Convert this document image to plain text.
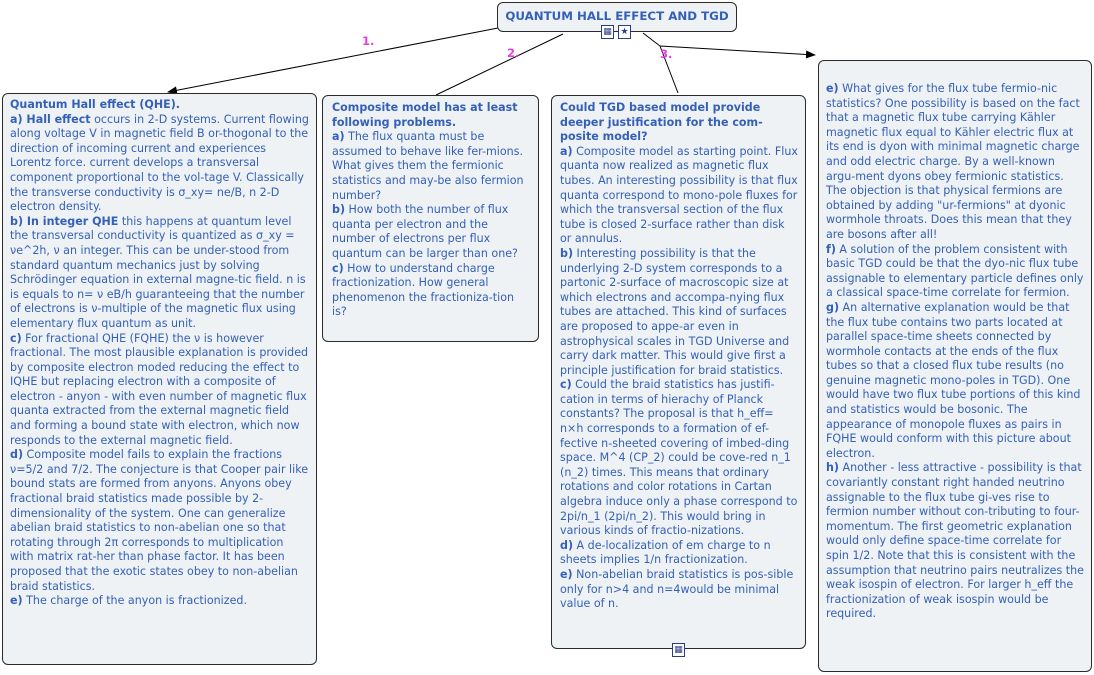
1.
2.	3.
QUANTUM HALL EFFECT AND TGD
▦ ★
Quantum Hall effect (QHE).
a) Hall effect occurs in 2-D systems. Current flowing along voltage V in magnetic field B or-thogonal to the direction of incoming current and experiences Lorentz force. current develops a transversal component proportional to the vol-tage V. Classically the transverse conductivity is σ_xy= ne/B, n 2-D electron density.
b) In integer QHE this happens at quantum level the transversal conductivity is quantized as σ_xy = νe^2h, ν an integer. This can be under-stood from standard quantum mechanics just by solving Schrödinger equation in external magne-tic field. n is is equals to n= ν eB/h guaranteeing that the number of electrons is ν-multiple of the magnetic flux using elementary flux quantum as unit.
c) For fractional QHE (FQHE) the ν is however fractional. The most plausible explanation is provided by composite electron moded reducing the effect to IQHE but replacing electron with a composite of electron - anyon - with even number of magnetic flux quanta extracted from the external magnetic field and forming a bound state with electron, which now responds to the external magnetic field.
d) Composite model fails to explain the fractions ν=5/2 and 7/2. The conjecture is that Cooper pair like bound stats are formed from anyons. Anyons obey fractional braid statistics made possible by 2-dimensionality of the system. One can generalize abelian braid statistics to non-abelian one so that rotating through 2π corresponds to multiplication with matrix rat-her than phase factor. It has been proposed that the exotic states obey to non-abelian braid statistics.
e) The charge of the anyon is fractionized.
Composite model has at least following problems.
a) The flux quanta must be assumed to behave like fer-mions. What gives them the fermionic statistics and may-be also fermion number?
b) How both the number of flux quanta per electron and the number of electrons per flux quantum can be larger than one?
c) How to understand charge fractionization. How general phenomenon the fractioniza-tion is?
Could TGD based model provide deeper justification for the com-posite model?
a) Composite model as starting point. Flux quanta now realized as magnetic flux tubes. An interesting possibility is that flux quanta correspond to mono-pole fluxes for which the transversal section of the flux tube is closed 2-surface rather than disk or annulus.
b) Interesting possibility is that the underlying 2-D system corresponds to a partonic 2-surface of macroscopic size at which electrons and accompa-nying flux tubes are attached. This kind of surfaces are proposed to appe-ar even in astrophysical scales in TGD Universe and carry dark matter. This would give first a principle justification for braid statistics.
c) Could the braid statistics has justifi-cation in terms of hierachy of Planck constants? The proposal is that h_eff= n×h corresponds to a formation of ef-fective n-sheeted covering of imbed-ding space. M^4 (CP_2) could be cove-red n_1 (n_2) times. This means that ordinary rotations and color rotations in Cartan algebra induce only a phase correspond to 2pi/n_1 (2pi/n_2). This would bring in various kinds of fractio-nizations.
d) A de-localization of em charge to n sheets implies 1/n fractionization.
e) Non-abelian braid statistics is pos-sible only for n>4 and n=4would be minimal value of n.
▦
e) What gives for the flux tube fermio-nic statistics? One possibility is based on the fact that a magnetic flux tube carrying Kähler magnetic flux equal to Kähler electric flux at its end is dyon with minimal magnetic charge and odd electric charge. By a well-known argu-ment dyons obey fermionic statistics. The objection is that physical fermions are obtained by adding "ur-fermions" at dyonic wormhole throats. Does this mean that they are bosons after all!
f) A solution of the problem consistent with basic TGD could be that the dyo-nic flux tube assignable to elementary particle defines only a classical space-time correlate for fermion.
g) An alternative explanation would be that the flux tube contains two parts located at parallel space-time sheets connected by wormhole contacts at the ends of the flux tubes so that a closed flux tube results (no genuine magnetic mono-poles in TGD). One would have two flux tube portions of this kind and statistics would be bosonic. The appearance of monopole fluxes as pairs in FQHE would conform with this picture about electron.
h) Another - less attractive - possibility is that covariantly constant right handed neutrino assignable to the flux tube gi-ves rise to fermion number without con-tributing to four-momentum. The first geometric explanation would only define space-time correlate for spin 1/2. Note that this is consistent with the assumption that neutrino pairs neutralizes the weak isospin of electron. For larger h_eff the fractionization of weak isospin would be required.
